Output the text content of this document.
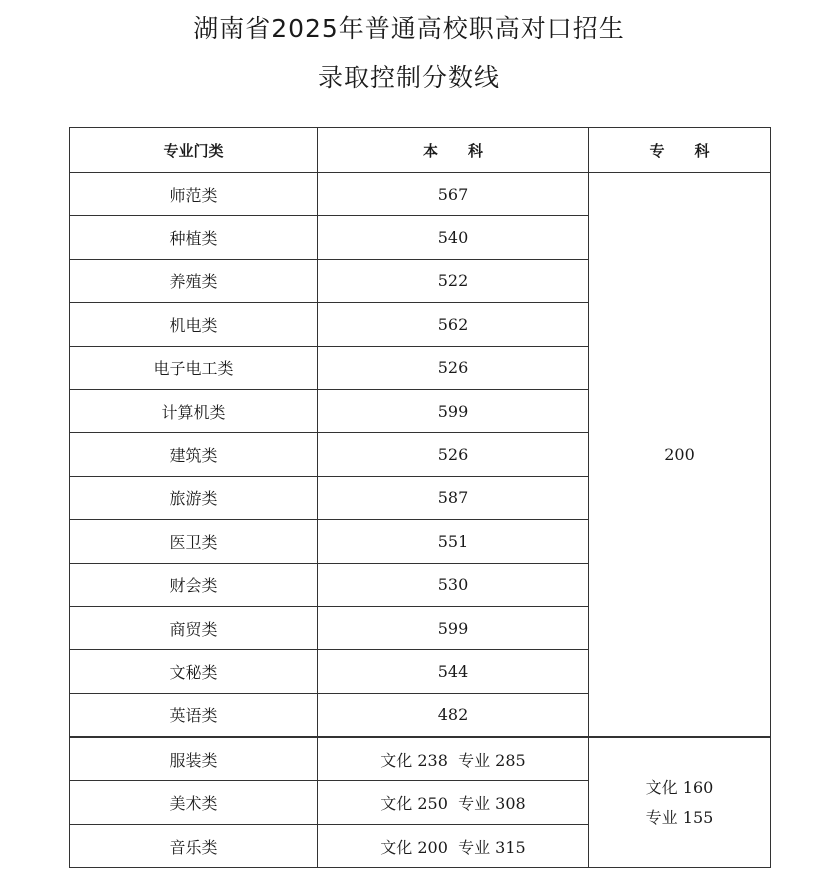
湖南省2025年普通高校职高对口招生
录取控制分数线
专业门类	本　　科	专　　科
师范类	567	200
种植类	540	
养殖类	522	
机电类	562	
电子电工类	526	
计算机类	599	
建筑类	526	
旅游类	587	
医卫类	551	
财会类	530	
商贸类	599	
文秘类	544	
英语类	482	
服装类	文化 238  专业 285	文化 160
专业 155

美术类	文化 250  专业 308	
音乐类	文化 200  专业 315	
